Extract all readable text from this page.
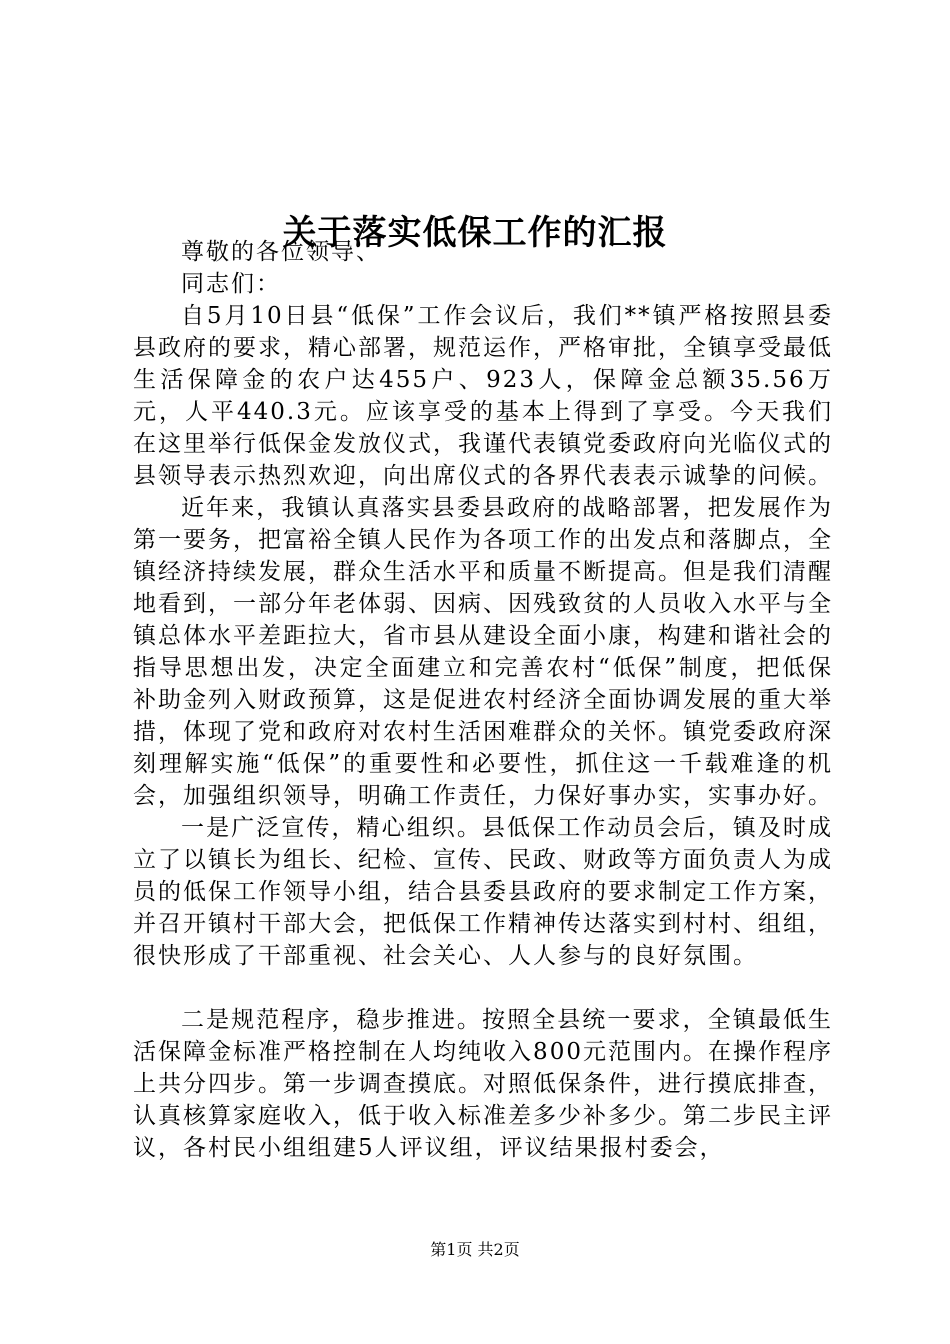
关于落实低保工作的汇报

尊敬的各位领导、

同志们：

自5月10日县“低保”工作会议后，我们**镇严格按照县委县政府的要求，精心部署，规范运作，严格审批，全镇享受最低生活保障金的农户达455户、923人，保障金总额35.56万元，人平440.3元。应该享受的基本上得到了享受。今天我们在这里举行低保金发放仪式，我谨代表镇党委政府向光临仪式的县领导表示热烈欢迎，向出席仪式的各界代表表示诚挚的问候。

近年来，我镇认真落实县委县政府的战略部署，把发展作为第一要务，把富裕全镇人民作为各项工作的出发点和落脚点，全镇经济持续发展，群众生活水平和质量不断提高。但是我们清醒地看到，一部分年老体弱、因病、因残致贫的人员收入水平与全镇总体水平差距拉大，省市县从建设全面小康，构建和谐社会的指导思想出发，决定全面建立和完善农村“低保”制度，把低保补助金列入财政预算，这是促进农村经济全面协调发展的重大举措，体现了党和政府对农村生活困难群众的关怀。镇党委政府深刻理解实施“低保”的重要性和必要性，抓住这一千载难逢的机会，加强组织领导，明确工作责任，力保好事办实，实事办好。

一是广泛宣传，精心组织。县低保工作动员会后，镇及时成立了以镇长为组长、纪检、宣传、民政、财政等方面负责人为成员的低保工作领导小组，结合县委县政府的要求制定工作方案，并召开镇村干部大会，把低保工作精神传达落实到村村、组组，很快形成了干部重视、社会关心、人人参与的良好氛围。

二是规范程序，稳步推进。按照全县统一要求，全镇最低生活保障金标准严格控制在人均纯收入800元范围内。在操作程序上共分四步。第一步调查摸底。对照低保条件，进行摸底排查，认真核算家庭收入，低于收入标准差多少补多少。第二步民主评议，各村民小组组建5人评议组，评议结果报村委会，

第1页 共2页
